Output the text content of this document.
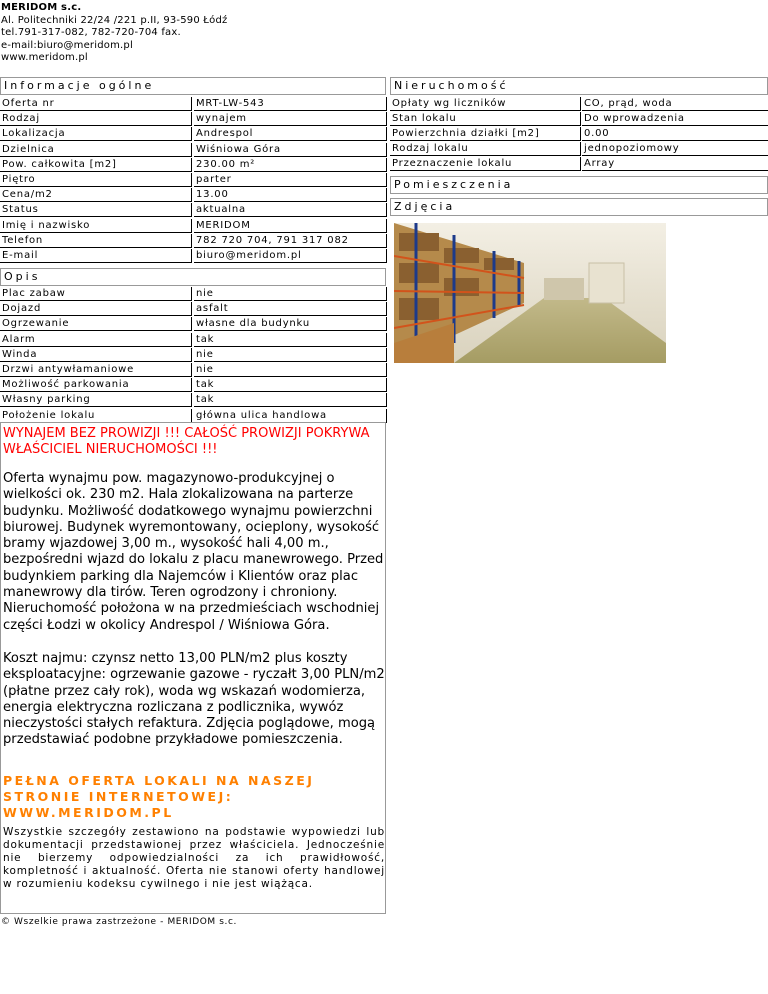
MERIDOM s.c.
Al. Politechniki 22/24 /221 p.II, 93-590 Łódź
tel.791-317-082, 782-720-704 fax.
e-mail:biuro@meridom.pl
www.meridom.pl
Informacje ogólne
Oferta nr	MRT-LW-543
Rodzaj	wynajem
Lokalizacja	Andrespol
Dzielnica	Wiśniowa Góra
Pow. całkowita [m2]	230.00 m²
Piętro	parter
Cena/m2	13.00
Status	aktualna
Imię i nazwisko	MERIDOM
Telefon	782 720 704, 791 317 082
E-mail	biuro@meridom.pl
Nieruchomość
Opłaty wg liczników	CO, prąd, woda
Stan lokalu	Do wprowadzenia
Powierzchnia działki [m2]	0.00
Rodzaj lokalu	jednopoziomowy
Przeznaczenie lokalu	Array
Pomieszczenia
Zdjęcia
Opis
Plac zabaw	nie
Dojazd	asfalt
Ogrzewanie	własne dla budynku
Alarm	tak
Winda	nie
Drzwi antywłamaniowe	nie
Możliwość parkowania	tak
Własny parking	tak
Położenie lokalu	główna ulica handlowa
WYNAJEM BEZ PROWIZJI !!! CAŁOŚĆ PROWIZJI POKRYWA WŁAŚCICIEL NIERUCHOMOŚCI !!!
Oferta wynajmu pow. magazynowo-produkcyjnej o wielkości ok. 230 m2. Hala zlokalizowana na parterze budynku. Możliwość dodatkowego wynajmu powierzchni biurowej. Budynek wyremontowany, ocieplony, wysokość bramy wjazdowej 3,00 m., wysokość hali 4,00 m., bezpośredni wjazd do lokalu z placu manewrowego. Przed budynkiem parking dla Najemców i Klientów oraz plac manewrowy dla tirów. Teren ogrodzony i chroniony. Nieruchomość położona w na przedmieściach wschodniej części Łodzi w okolicy Andrespol / Wiśniowa Góra.
Koszt najmu: czynsz netto 13,00 PLN/m2 plus koszty eksploatacyjne: ogrzewanie gazowe - ryczałt 3,00 PLN/m2 (płatne przez cały rok), woda wg wskazań wodomierza, energia elektryczna rozliczana z podlicznika, wywóz nieczystości stałych refaktura. Zdjęcia poglądowe, mogą przedstawiać podobne przykładowe pomieszczenia.
PEŁNA OFERTA LOKALI NA NASZEJ STRONIE INTERNETOWEJ: WWW.MERIDOM.PL
Wszystkie szczegóły zestawiono na podstawie wypowiedzi lub dokumentacji przedstawionej przez właściciela. Jednocześnie nie bierzemy odpowiedzialności za ich prawidłowość, kompletność i aktualność. Oferta nie stanowi oferty handlowej w rozumieniu kodeksu cywilnego i nie jest wiążąca.
© Wszelkie prawa zastrzeżone - MERIDOM s.c.
